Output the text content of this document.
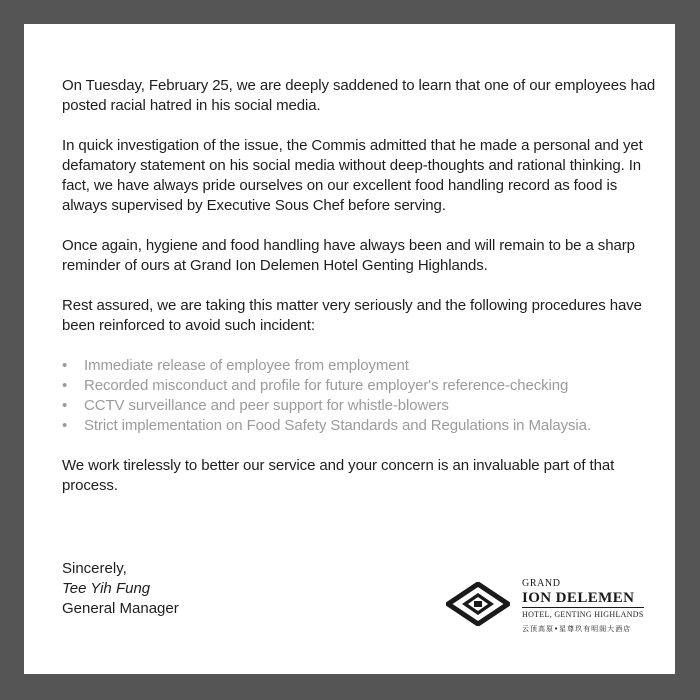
On Tuesday, February 25, we are deeply saddened to learn that one of our employees had posted racial hatred in his social media.

In quick investigation of the issue, the Commis admitted that he made a personal and yet defamatory statement on his social media without deep-thoughts and rational thinking. In fact, we have always pride ourselves on our excellent food handling record as food is always supervised by Executive Sous Chef before serving.

Once again, hygiene and food handling have always been and will remain to be a sharp reminder of ours at Grand Ion Delemen Hotel Genting Highlands.

Rest assured, we are taking this matter very seriously and the following procedures have been reinforced to avoid such incident:

• Immediate release of employee from employment
• Recorded misconduct and profile for future employer's reference-checking
• CCTV surveillance and peer support for whistle-blowers
• Strict implementation on Food Safety Standards and Regulations in Malaysia.

We work tirelessly to better our service and your concern is an invaluable part of that process.

Sincerely,
Tee Yih Fung
General Manager
GRAND
ION DELEMEN
HOTEL, GENTING HIGHLANDS
云顶高原•星尊玖有明阁大酒店
